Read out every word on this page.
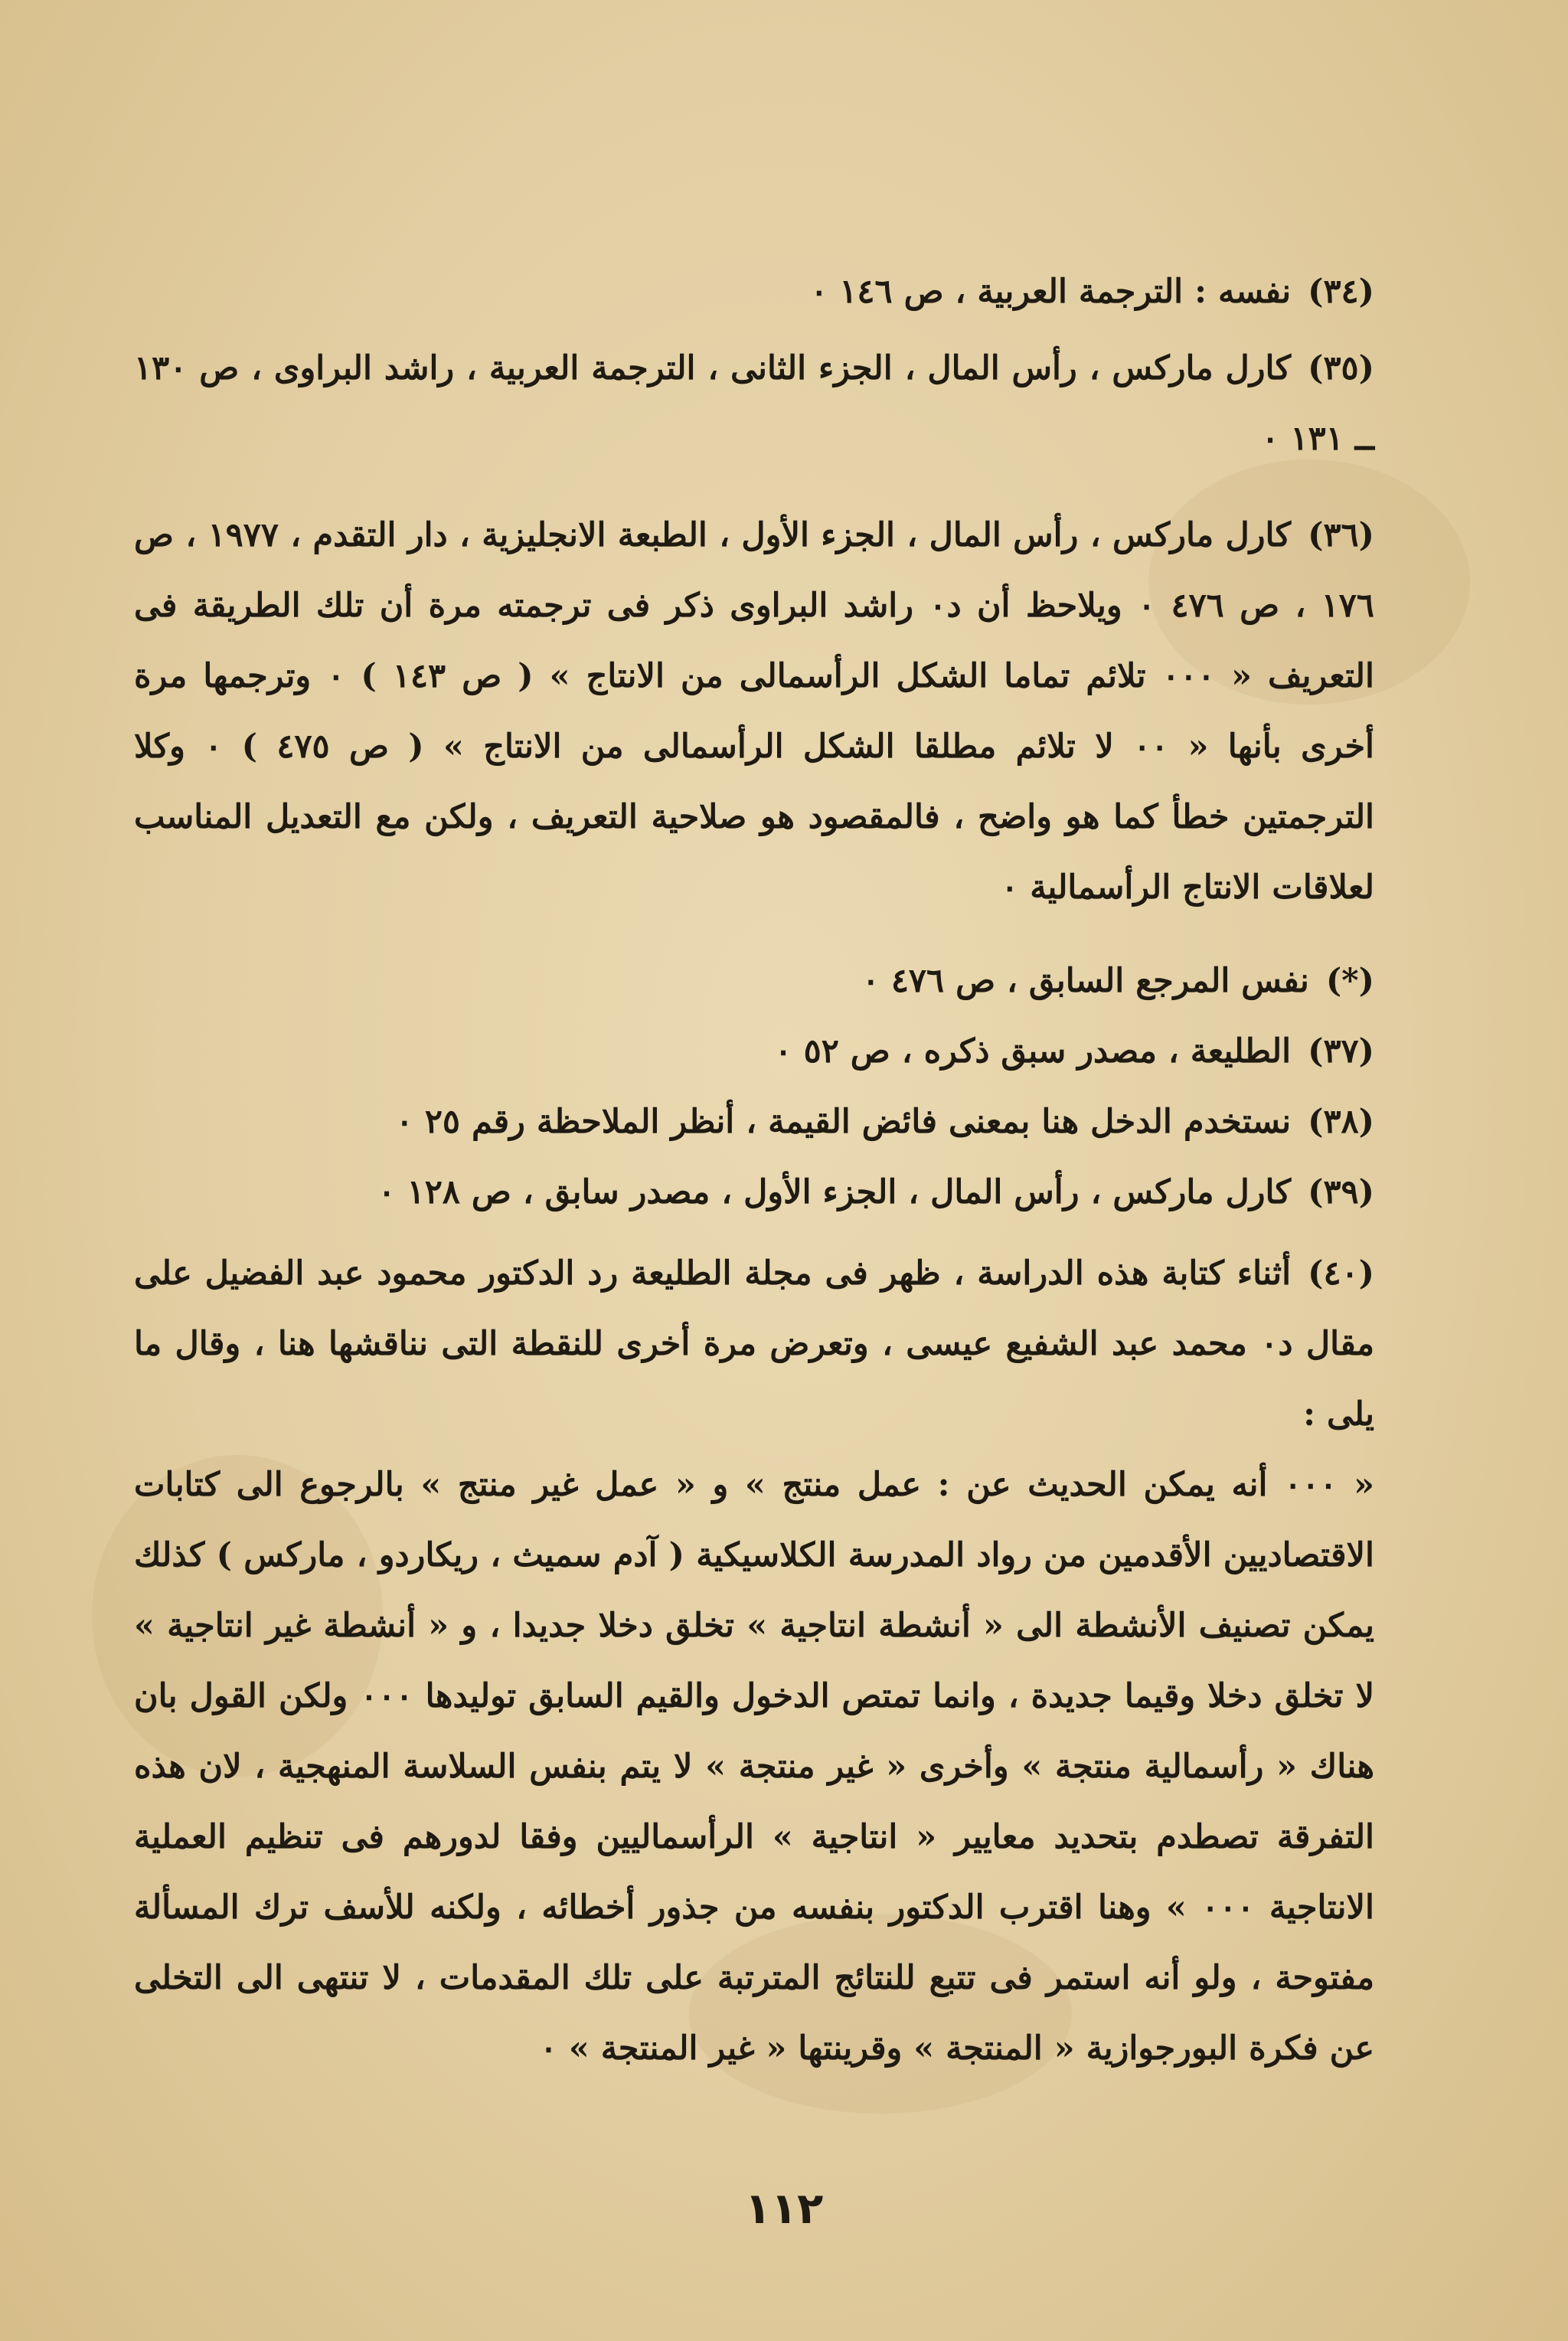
(٣٤)نفسه : الترجمة العربية ، ص ١٤٦ ٠

(٣٥)كارل ماركس ، رأس المال ، الجزء الثانى ، الترجمة العربية ، راشد البراوى ، ص ١٣٠ ــ ١٣١ ٠

(٣٦)كارل ماركس ، رأس المال ، الجزء الأول ، الطبعة الانجليزية ، دار التقدم ، ١٩٧٧ ، ص ١٧٦ ، ص ٤٧٦ ٠ ويلاحظ أن د٠ راشد البراوى ذكر فى ترجمته مرة أن تلك الطريقة فى التعريف « ٠٠٠ تلائم تماما الشكل الرأسمالى من الانتاج » ( ص ١٤٣ ) ٠ وترجمها مرة أخرى بأنها « ٠٠ لا تلائم مطلقا الشكل الرأسمالى من الانتاج » ( ص ٤٧٥ ) ٠ وكلا الترجمتين خطأ كما هو واضح ، فالمقصود هو صلاحية التعريف ، ولكن مع التعديل المناسب لعلاقات الانتاج الرأسمالية ٠

(*)نفس المرجع السابق ، ص ٤٧٦ ٠

(٣٧)الطليعة ، مصدر سبق ذكره ، ص ٥٢ ٠

(٣٨)نستخدم الدخل هنا بمعنى فائض القيمة ، أنظر الملاحظة رقم ٢٥ ٠

(٣٩)كارل ماركس ، رأس المال ، الجزء الأول ، مصدر سابق ، ص ١٢٨ ٠

(٤٠)أثناء كتابة هذه الدراسة ، ظهر فى مجلة الطليعة رد الدكتور محمود عبد الفضيل على مقال د٠ محمد عبد الشفيع عيسى ، وتعرض مرة أخرى للنقطة التى نناقشها هنا ، وقال ما يلى :

« ٠٠٠ أنه يمكن الحديث عن : عمل منتج » و « عمل غير منتج » بالرجوع الى كتابات الاقتصاديين الأقدمين من رواد المدرسة الكلاسيكية ( آدم سميث ، ريكاردو ، ماركس ) كذلك يمكن تصنيف الأنشطة الى « أنشطة انتاجية » تخلق دخلا جديدا ، و « أنشطة غير انتاجية » لا تخلق دخلا وقيما جديدة ، وانما تمتص الدخول والقيم السابق توليدها ٠٠٠ ولكن القول بان هناك « رأسمالية منتجة » وأخرى « غير منتجة » لا يتم بنفس السلاسة المنهجية ، لان هذه التفرقة تصطدم بتحديد معايير « انتاجية » الرأسماليين وفقا لدورهم فى تنظيم العملية الانتاجية ٠٠٠ » وهنا اقترب الدكتور بنفسه من جذور أخطائه ، ولكنه للأسف ترك المسألة مفتوحة ، ولو أنه استمر فى تتبع للنتائج المترتبة على تلك المقدمات ، لا تنتهى الى التخلى عن فكرة البورجوازية « المنتجة » وقرينتها « غير المنتجة » ٠

١١٢
